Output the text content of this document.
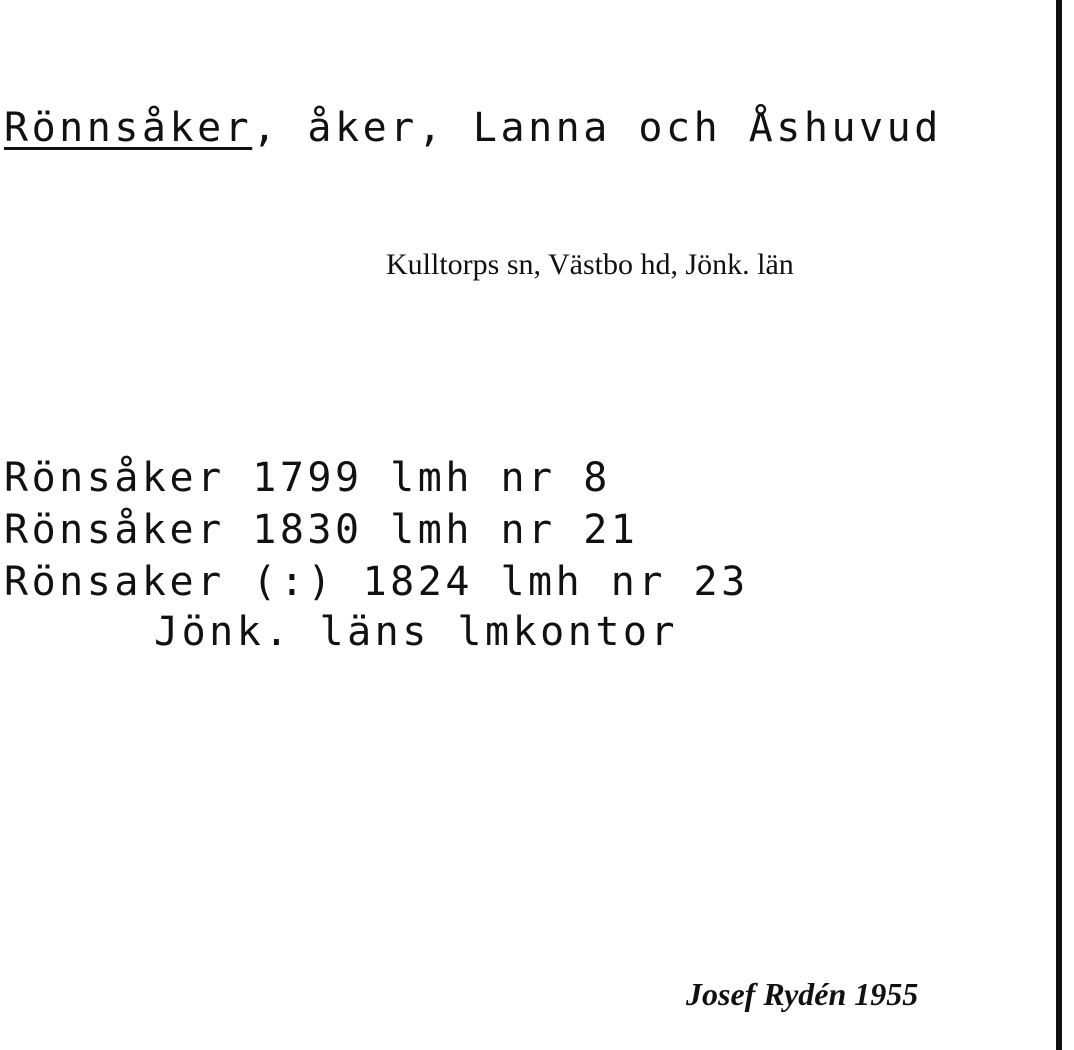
Rönnsåker, åker, Lanna och Åshuvud
Kulltorps sn, Västbo hd, Jönk. län
Rönsåker 1799 lmh nr 8
Rönsåker 1830 lmh nr 21
Rönsaker (:) 1824 lmh nr 23
Jönk. läns lmkontor
Josef Rydén 1955
